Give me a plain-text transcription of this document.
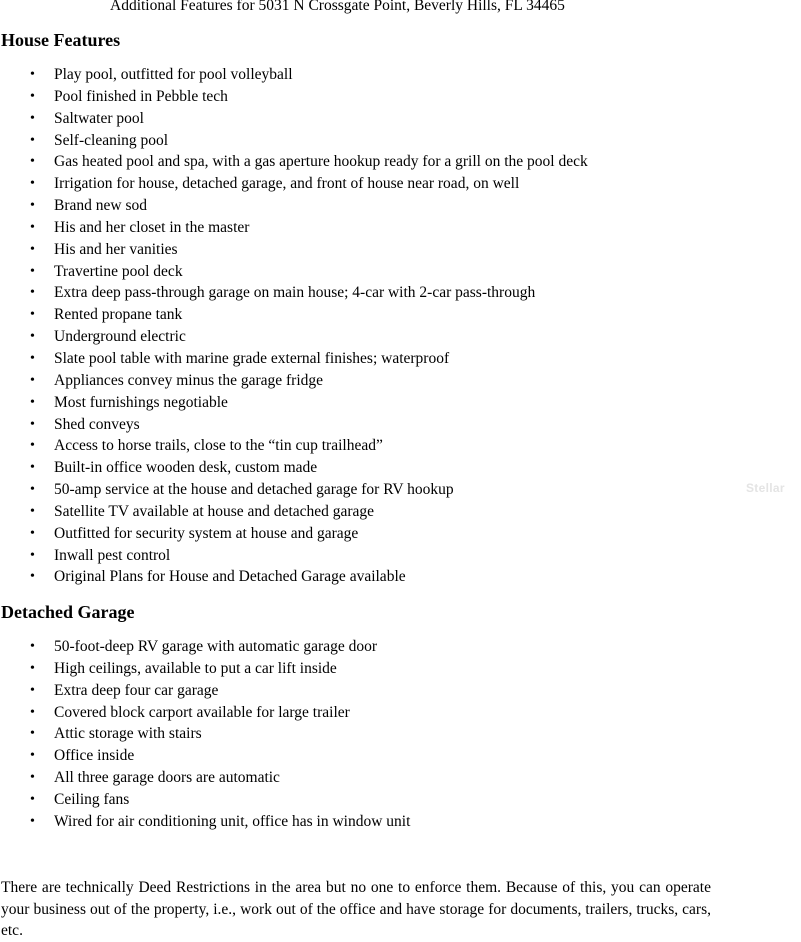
Additional Features for 5031 N Crossgate Point, Beverly Hills, FL 34465
House Features
• Play pool, outfitted for pool volleyball
• Pool finished in Pebble tech
• Saltwater pool
• Self-cleaning pool
• Gas heated pool and spa, with a gas aperture hookup ready for a grill on the pool deck
• Irrigation for house, detached garage, and front of house near road, on well
• Brand new sod
• His and her closet in the master
• His and her vanities
• Travertine pool deck
• Extra deep pass-through garage on main house; 4-car with 2-car pass-through
• Rented propane tank
• Underground electric
• Slate pool table with marine grade external finishes; waterproof
• Appliances convey minus the garage fridge
• Most furnishings negotiable
• Shed conveys
• Access to horse trails, close to the “tin cup trailhead”
• Built-in office wooden desk, custom made
• 50-amp service at the house and detached garage for RV hookup
• Satellite TV available at house and detached garage
• Outfitted for security system at house and garage
• Inwall pest control
• Original Plans for House and Detached Garage available
Detached Garage
• 50-foot-deep RV garage with automatic garage door
• High ceilings, available to put a car lift inside
• Extra deep four car garage
• Covered block carport available for large trailer
• Attic storage with stairs
• Office inside
• All three garage doors are automatic
• Ceiling fans
• Wired for air conditioning unit, office has in window unit
There are technically Deed Restrictions in the area but no one to enforce them. Because of this, you can operate your business out of the property, i.e., work out of the office and have storage for documents, trailers, trucks, cars, etc.
Stellar
